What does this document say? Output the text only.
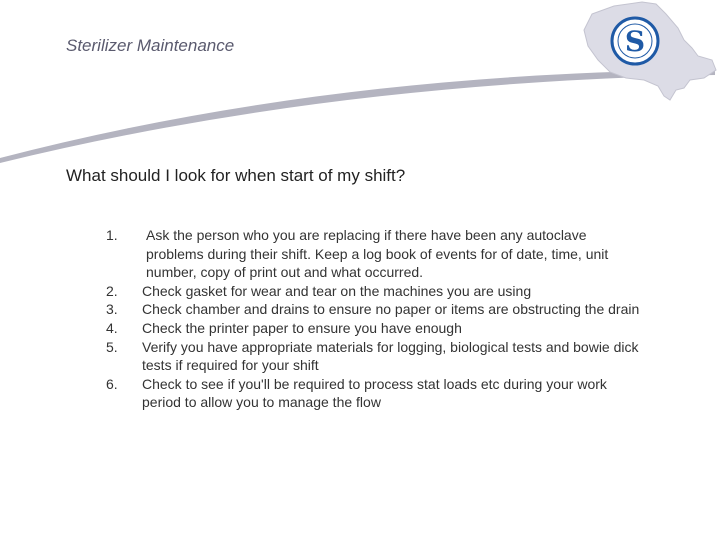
Sterilizer Maintenance	S
What should I look for when start of my shift?
1.	Ask the person who you are replacing if there have been any autoclave problems during their shift. Keep a log book of events for of date, time, unit number, copy of print out and what occurred.
2.	Check gasket for wear and tear on the machines you are using
3.	Check chamber and drains to ensure no paper or items are obstructing the drain
4.	Check the printer paper to ensure you have enough
5.	Verify you have appropriate materials for logging, biological tests and bowie dick tests if required for your shift
6.	Check to see if you'll be required to process stat loads etc during your work period to allow you to manage the flow
